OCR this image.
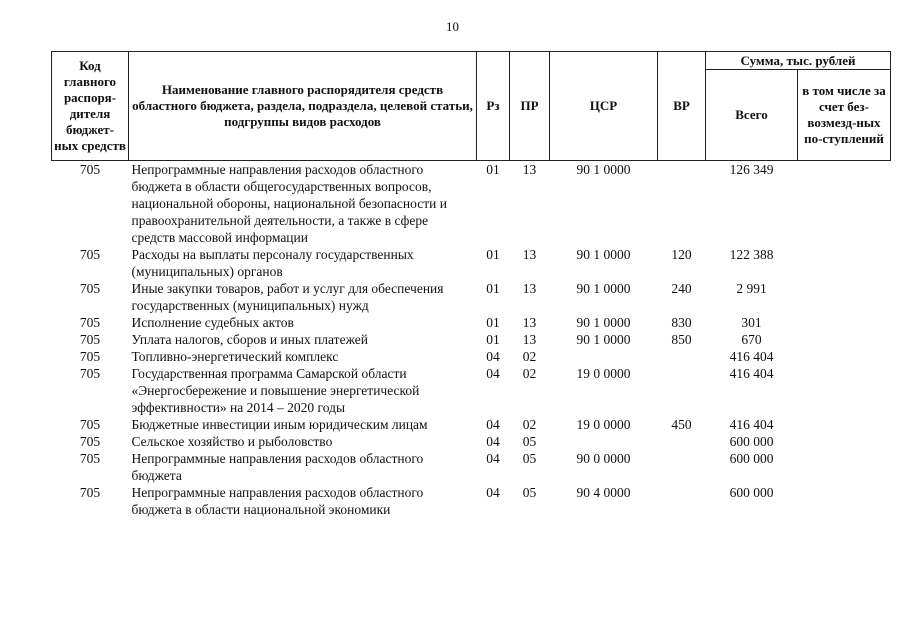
10
Код главного распоря-дителя бюджет-ных средств	Наименование главного распорядителя средств областного бюджета, раздела, подраздела, целевой статьи, подгруппы видов расходов	Рз	ПР	ЦСР	ВР	Сумма, тыс. рублей	
						Всего	в том числе за счет без-возмезд-ных по-ступлений
705	Непрограммные направления расходов областного бюджета в области общегосударственных вопросов, национальной обороны, национальной безопасности и правоохранительной деятельности, а также в сфере средств массовой информации	01	13	90 1 0000		126 349	
705	Расходы на выплаты персоналу государственных (муниципальных) органов	01	13	90 1 0000	120	122 388	
705	Иные закупки товаров, работ и услуг для обеспечения государственных (муниципальных) нужд	01	13	90 1 0000	240	2 991	
705	Исполнение судебных актов	01	13	90 1 0000	830	301	
705	Уплата налогов, сборов и иных платежей	01	13	90 1 0000	850	670	
705	Топливно-энергетический комплекс	04	02			416 404	
705	Государственная программа Самарской области «Энергосбережение и повышение энергетической эффективности» на 2014 – 2020 годы	04	02	19 0 0000		416 404	
705	Бюджетные инвестиции иным юридическим лицам	04	02	19 0 0000	450	416 404	
705	Сельское хозяйство и рыболовство	04	05			600 000	
705	Непрограммные направления расходов областного бюджета	04	05	90 0 0000		600 000	
705	Непрограммные направления расходов областного бюджета в области национальной экономики	04	05	90 4 0000		600 000	
